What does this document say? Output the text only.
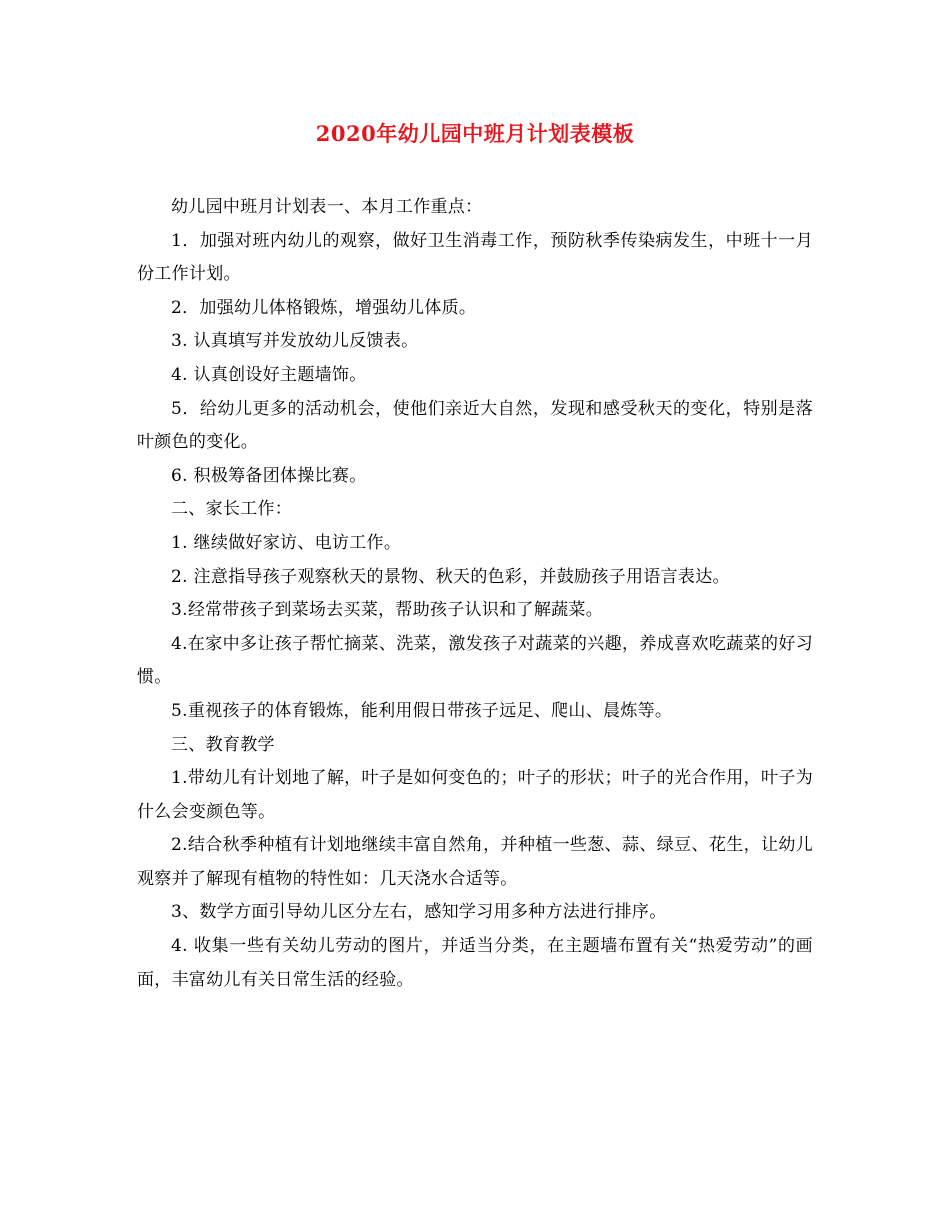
2020年幼儿园中班月计划表模板

幼儿园中班月计划表一、本月工作重点：

1．加强对班内幼儿的观察，做好卫生消毒工作，预防秋季传染病发生，中班十一月份工作计划。

2．加强幼儿体格锻炼，增强幼儿体质。

3. 认真填写并发放幼儿反馈表。

4. 认真创设好主题墙饰。

5．给幼儿更多的活动机会，使他们亲近大自然，发现和感受秋天的变化，特别是落叶颜色的变化。

6. 积极筹备团体操比赛。

二、家长工作：

1. 继续做好家访、电访工作。

2. 注意指导孩子观察秋天的景物、秋天的色彩，并鼓励孩子用语言表达。

3.经常带孩子到菜场去买菜，帮助孩子认识和了解蔬菜。

4.在家中多让孩子帮忙摘菜、洗菜，激发孩子对蔬菜的兴趣，养成喜欢吃蔬菜的好习惯。

5.重视孩子的体育锻炼，能利用假日带孩子远足、爬山、晨炼等。

三、教育教学

1.带幼儿有计划地了解，叶子是如何变色的；叶子的形状；叶子的光合作用，叶子为什么会变颜色等。

2.结合秋季种植有计划地继续丰富自然角，并种植一些葱、蒜、绿豆、花生，让幼儿观察并了解现有植物的特性如：几天浇水合适等。

3、数学方面引导幼儿区分左右，感知学习用多种方法进行排序。

4. 收集一些有关幼儿劳动的图片，并适当分类，在主题墙布置有关“热爱劳动”的画面，丰富幼儿有关日常生活的经验。
